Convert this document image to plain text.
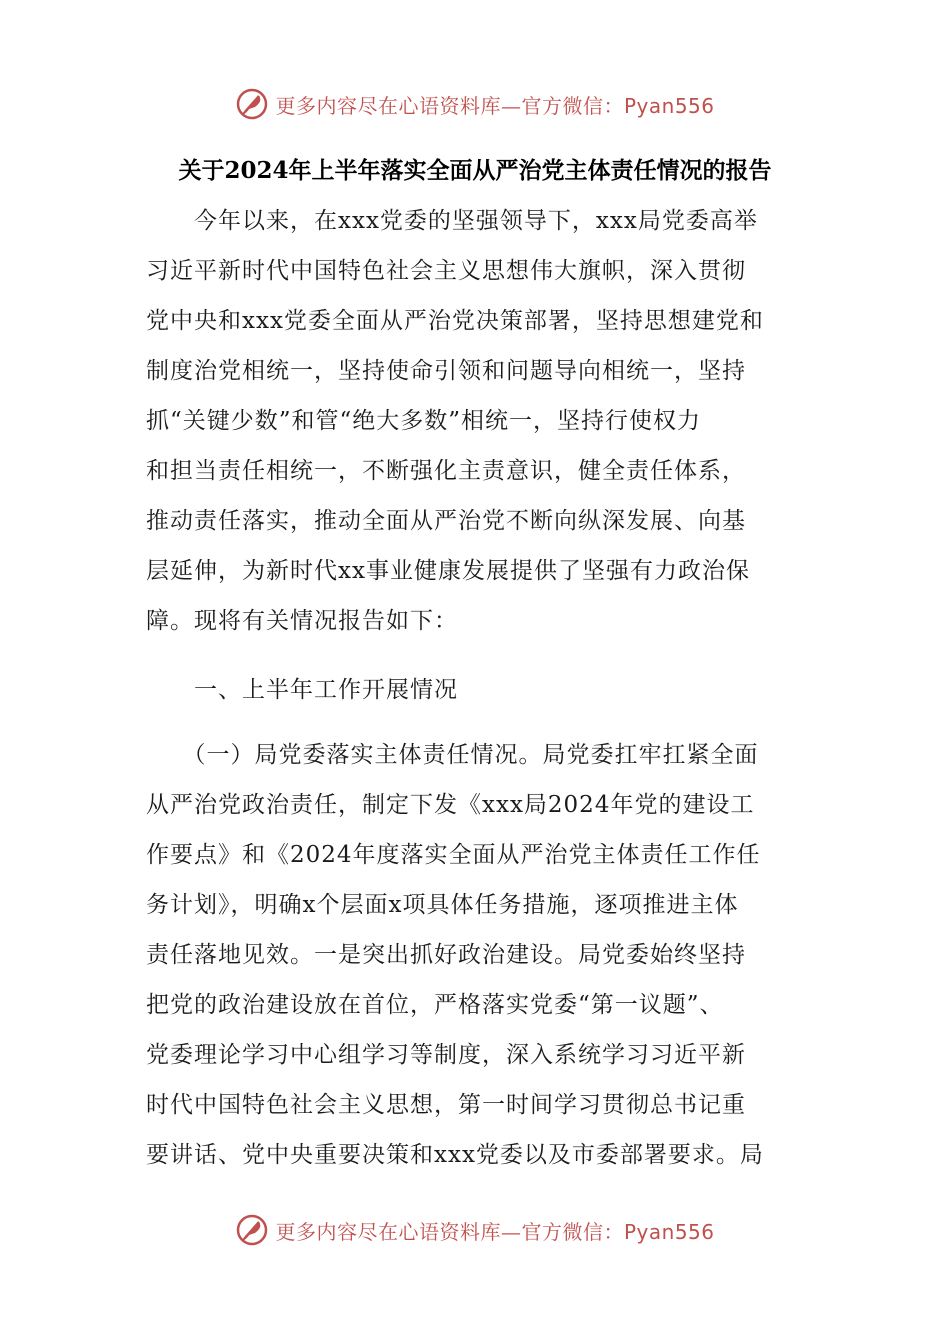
更多内容尽在心语资料库—官方微信：Pyan556
关于2024年上半年落实全面从严治党主体责任情况的报告
　　今年以来，在xxx党委的坚强领导下，xxx局党委高举
习近平新时代中国特色社会主义思想伟大旗帜，深入贯彻
党中央和xxx党委全面从严治党决策部署，坚持思想建党和
制度治党相统一，坚持使命引领和问题导向相统一，坚持
抓“关键少数”和管“绝大多数”相统一，坚持行使权力
和担当责任相统一，不断强化主责意识，健全责任体系，
推动责任落实，推动全面从严治党不断向纵深发展、向基
层延伸，为新时代xx事业健康发展提供了坚强有力政治保
障。现将有关情况报告如下：
　　一、上半年工作开展情况
　　（一）局党委落实主体责任情况。局党委扛牢扛紧全面
从严治党政治责任，制定下发《xxx局2024年党的建设工
作要点》和《2024年度落实全面从严治党主体责任工作任
务计划》，明确x个层面x项具体任务措施，逐项推进主体
责任落地见效。一是突出抓好政治建设。局党委始终坚持
把党的政治建设放在首位，严格落实党委“第一议题”、
党委理论学习中心组学习等制度，深入系统学习习近平新
时代中国特色社会主义思想，第一时间学习贯彻总书记重
要讲话、党中央重要决策和xxx党委以及市委部署要求。局
更多内容尽在心语资料库—官方微信：Pyan556
